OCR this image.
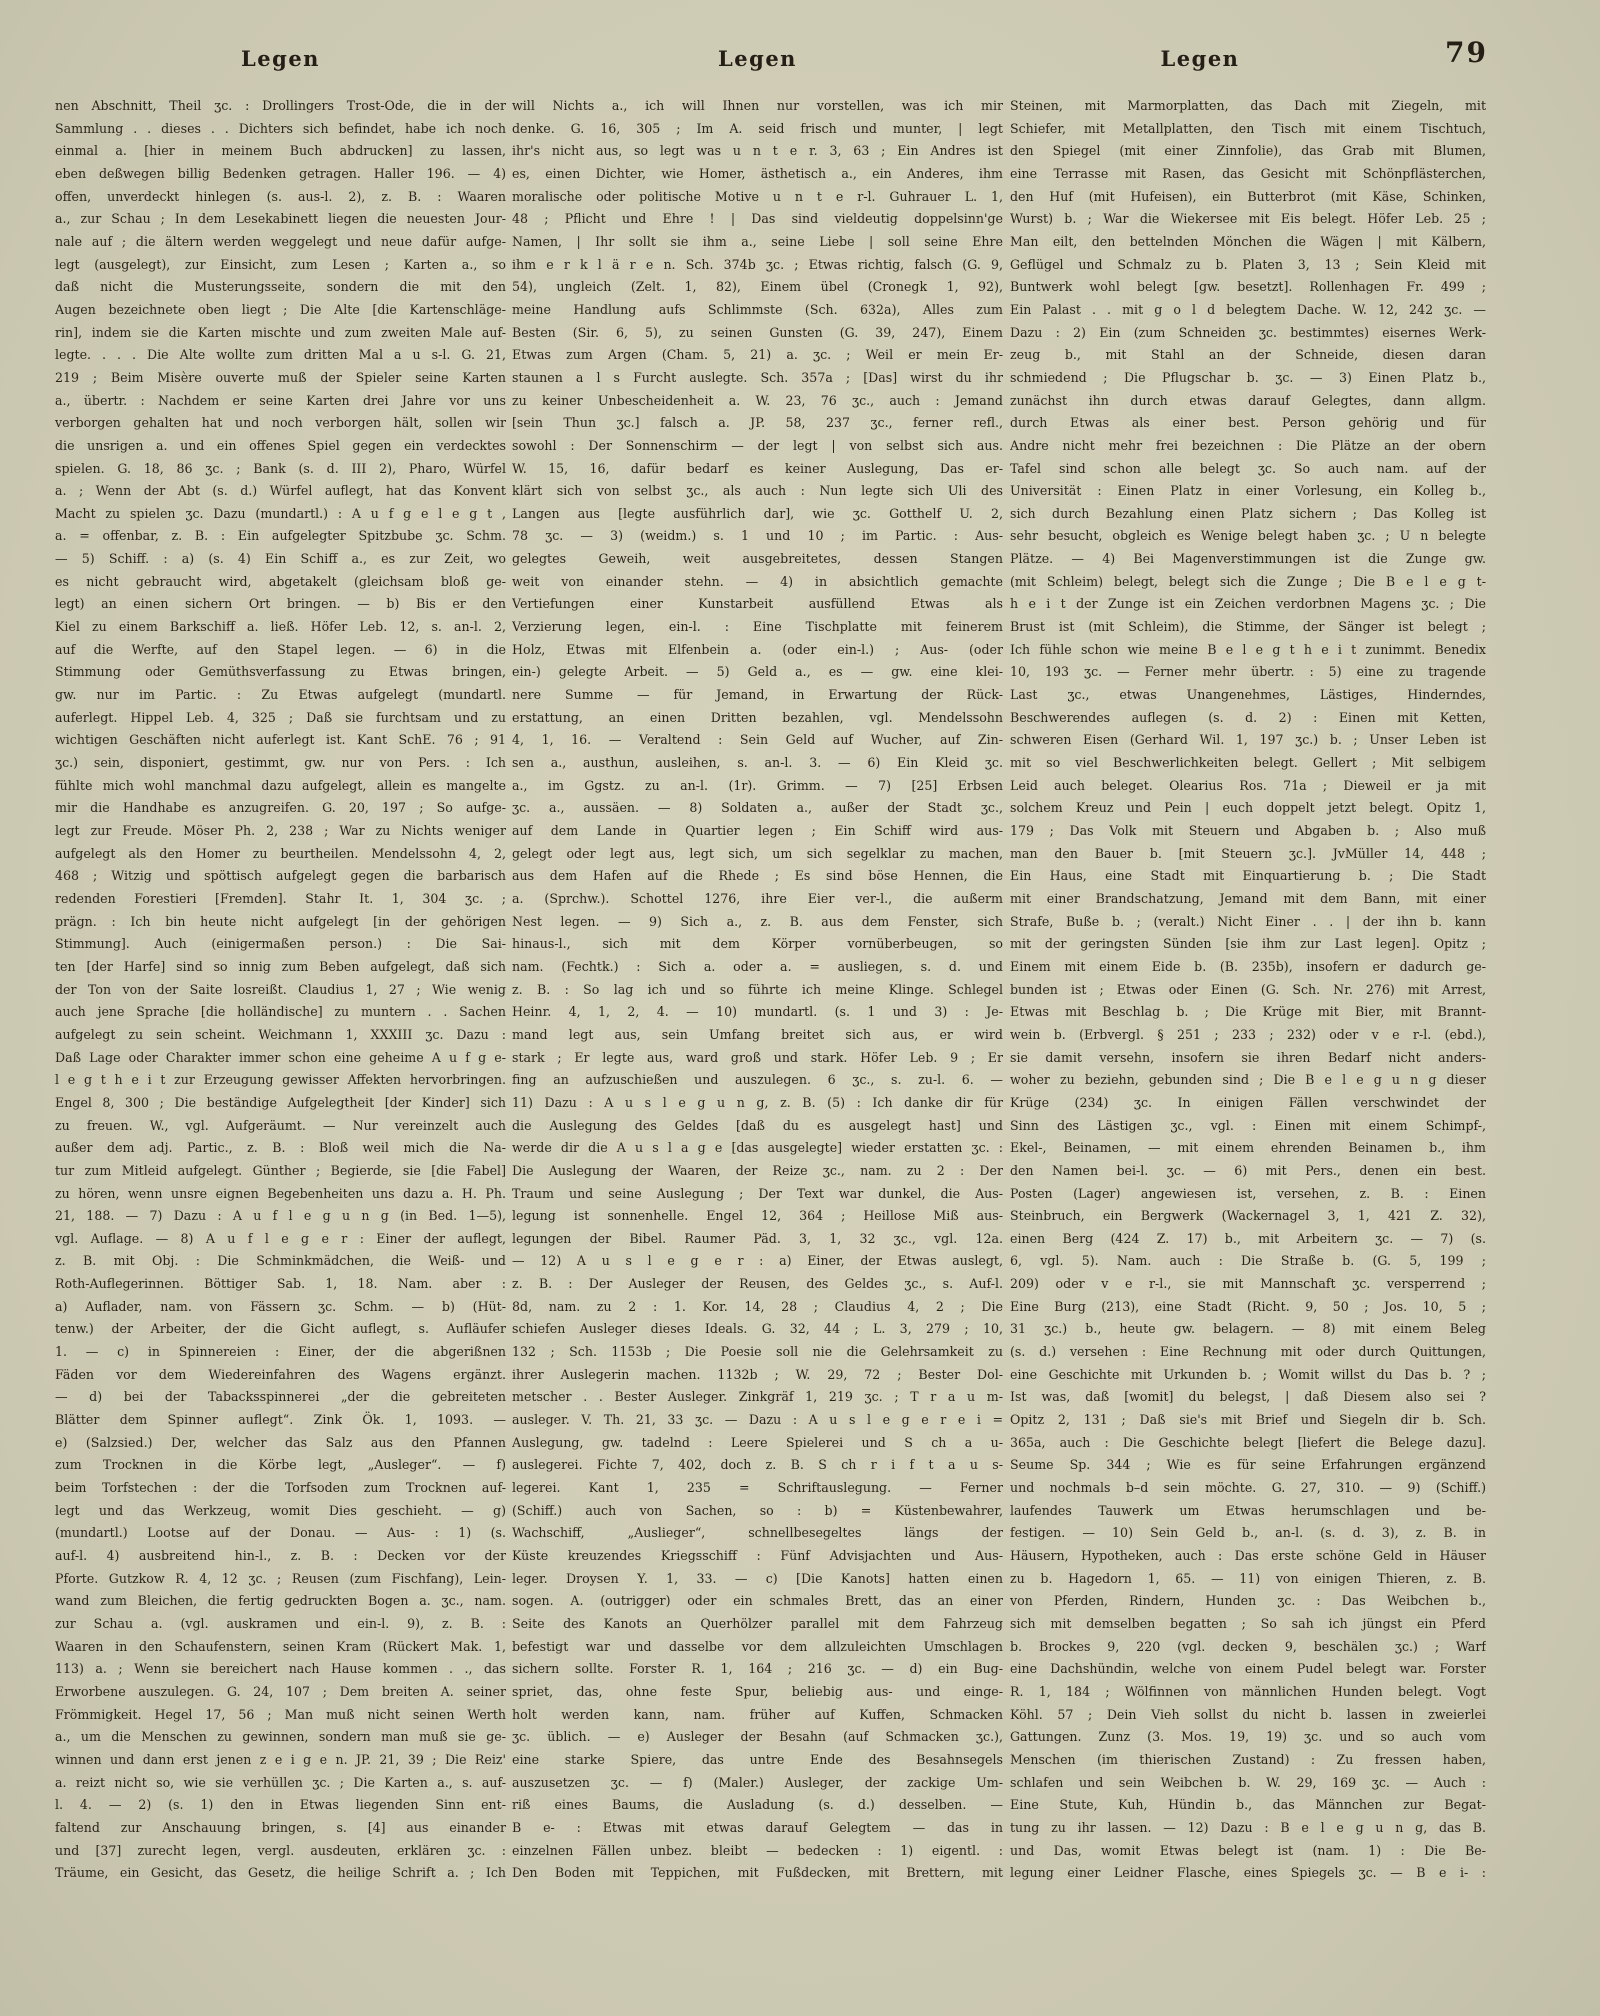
Legen	Legen	Legen	79
nen Abschnitt, Theil ʒc. : Drollingers Trost-Ode, die in der
Sammlung . . dieses . . Dichters sich befindet, habe ich noch
einmal a. [hier in meinem Buch abdrucken] zu lassen,
eben deßwegen billig Bedenken getragen. Haller 196. — 4)
offen, unverdeckt hinlegen (s. aus-l. 2), z. B. : Waaren
a., zur Schau ; In dem Lesekabinett liegen die neuesten Jour-
nale auf ; die ältern werden weggelegt und neue dafür aufge-
legt (ausgelegt), zur Einsicht, zum Lesen ; Karten a., so
daß nicht die Musterungsseite, sondern die mit den
Augen bezeichnete oben liegt ; Die Alte [die Kartenschläge-
rin], indem sie die Karten mischte und zum zweiten Male auf-
legte. . . . Die Alte wollte zum dritten Mal a u s-l. G. 21,
219 ; Beim Misère ouverte muß der Spieler seine Karten
a., übertr. : Nachdem er seine Karten drei Jahre vor uns
verborgen gehalten hat und noch verborgen hält, sollen wir
die unsrigen a. und ein offenes Spiel gegen ein verdecktes
spielen. G. 18, 86 ʒc. ; Bank (s. d. III 2), Pharo, Würfel
a. ; Wenn der Abt (s. d.) Würfel auflegt, hat das Konvent
Macht zu spielen ʒc. Dazu (mundartl.) : A u f g e l e g t ,
a. = offenbar, z. B. : Ein aufgelegter Spitzbube ʒc. Schm.
— 5) Schiff. : a) (s. 4) Ein Schiff a., es zur Zeit, wo
es nicht gebraucht wird, abgetakelt (gleichsam bloß ge-
legt) an einen sichern Ort bringen. — b) Bis er den
Kiel zu einem Barkschiff a. ließ. Höfer Leb. 12, s. an-l. 2,
auf die Werfte, auf den Stapel legen. — 6) in die
Stimmung oder Gemüthsverfassung zu Etwas bringen,
gw. nur im Partic. : Zu Etwas aufgelegt (mundartl.
auferlegt. Hippel Leb. 4, 325 ; Daß sie furchtsam und zu
wichtigen Geschäften nicht auferlegt ist. Kant SchE. 76 ; 91
ʒc.) sein, disponiert, gestimmt, gw. nur von Pers. : Ich
fühlte mich wohl manchmal dazu aufgelegt, allein es mangelte
mir die Handhabe es anzugreifen. G. 20, 197 ; So aufge-
legt zur Freude. Möser Ph. 2, 238 ; War zu Nichts weniger
aufgelegt als den Homer zu beurtheilen. Mendelssohn 4, 2,
468 ; Witzig und spöttisch aufgelegt gegen die barbarisch
redenden Forestieri [Fremden]. Stahr It. 1, 304 ʒc. ;
prägn. : Ich bin heute nicht aufgelegt [in der gehörigen
Stimmung]. Auch (einigermaßen person.) : Die Sai-
ten [der Harfe] sind so innig zum Beben aufgelegt, daß sich
der Ton von der Saite losreißt. Claudius 1, 27 ; Wie wenig
auch jene Sprache [die holländische] zu muntern . . Sachen
aufgelegt zu sein scheint. Weichmann 1, XXXIII ʒc. Dazu :
Daß Lage oder Charakter immer schon eine geheime A u f g e-
l e g t h e i t zur Erzeugung gewisser Affekten hervorbringen.
Engel 8, 300 ; Die beständige Aufgelegtheit [der Kinder] sich
zu freuen. W., vgl. Aufgeräumt. — Nur vereinzelt auch
außer dem adj. Partic., z. B. : Bloß weil mich die Na-
tur zum Mitleid aufgelegt. Günther ; Begierde, sie [die Fabel]
zu hören, wenn unsre eignen Begebenheiten uns dazu a. H. Ph.
21, 188. — 7) Dazu : A u f l e g u n g (in Bed. 1—5),
vgl. Auflage. — 8) A u f l e g e r : Einer der auflegt,
z. B. mit Obj. : Die Schminkmädchen, die Weiß- und
Roth-Auflegerinnen. Böttiger Sab. 1, 18. Nam. aber :
a) Auflader, nam. von Fässern ʒc. Schm. — b) (Hüt-
tenw.) der Arbeiter, der die Gicht auflegt, s. Aufläufer
1. — c) in Spinnereien : Einer, der die abgerißnen
Fäden vor dem Wiedereinfahren des Wagens ergänzt.
— d) bei der Tabacksspinnerei „der die gebreiteten
Blätter dem Spinner auflegt“. Zink Ök. 1, 1093. —
e) (Salzsied.) Der, welcher das Salz aus den Pfannen
zum Trocknen in die Körbe legt, „Ausleger“. — f)
beim Torfstechen : der die Torfsoden zum Trocknen auf-
legt und das Werkzeug, womit Dies geschieht. — g)
(mundartl.) Lootse auf der Donau. — Aus- : 1) (s.
auf-l. 4) ausbreitend hin-l., z. B. : Decken vor der
Pforte. Gutzkow R. 4, 12 ʒc. ; Reusen (zum Fischfang), Lein-
wand zum Bleichen, die fertig gedruckten Bogen a. ʒc., nam.
zur Schau a. (vgl. auskramen und ein-l. 9), z. B. :
Waaren in den Schaufenstern, seinen Kram (Rückert Mak. 1,
113) a. ; Wenn sie bereichert nach Hause kommen . ., das
Erworbene auszulegen. G. 24, 107 ; Dem breiten A. seiner
Frömmigkeit. Hegel 17, 56 ; Man muß nicht seinen Werth
a., um die Menschen zu gewinnen, sondern man muß sie ge-
winnen und dann erst jenen z e i g e n. JP. 21, 39 ; Die Reiz'
a. reizt nicht so, wie sie verhüllen ʒc. ; Die Karten a., s. auf-
l. 4. — 2) (s. 1) den in Etwas liegenden Sinn ent-
faltend zur Anschauung bringen, s. [4] aus einander
und [37] zurecht legen, vergl. ausdeuten, erklären ʒc. :
Träume, ein Gesicht, das Gesetz, die heilige Schrift a. ; Ich
will Nichts a., ich will Ihnen nur vorstellen, was ich mir
denke. G. 16, 305 ; Im A. seid frisch und munter, | legt
ihr's nicht aus, so legt was u n t e r. 3, 63 ; Ein Andres ist
es, einen Dichter, wie Homer, ästhetisch a., ein Anderes, ihm
moralische oder politische Motive u n t e r-l. Guhrauer L. 1,
48 ; Pflicht und Ehre ! | Das sind vieldeutig doppelsinn'ge
Namen, | Ihr sollt sie ihm a., seine Liebe | soll seine Ehre
ihm e r k l ä r e n. Sch. 374b ʒc. ; Etwas richtig, falsch (G. 9,
54), ungleich (Zelt. 1, 82), Einem übel (Cronegk 1, 92),
meine Handlung aufs Schlimmste (Sch. 632a), Alles zum
Besten (Sir. 6, 5), zu seinen Gunsten (G. 39, 247), Einem
Etwas zum Argen (Cham. 5, 21) a. ʒc. ; Weil er mein Er-
staunen a l s Furcht auslegte. Sch. 357a ; [Das] wirst du ihr
zu keiner Unbescheidenheit a. W. 23, 76 ʒc., auch : Jemand
[sein Thun ʒc.] falsch a. JP. 58, 237 ʒc., ferner refl.,
sowohl : Der Sonnenschirm — der legt | von selbst sich aus.
W. 15, 16, dafür bedarf es keiner Auslegung, Das er-
klärt sich von selbst ʒc., als auch : Nun legte sich Uli des
Langen aus [legte ausführlich dar], wie ʒc. Gotthelf U. 2,
78 ʒc. — 3) (weidm.) s. 1 und 10 ; im Partic. : Aus-
gelegtes Geweih, weit ausgebreitetes, dessen Stangen
weit von einander stehn. — 4) in absichtlich gemachte
Vertiefungen einer Kunstarbeit ausfüllend Etwas als
Verzierung legen, ein-l. : Eine Tischplatte mit feinerem
Holz, Etwas mit Elfenbein a. (oder ein-l.) ; Aus- (oder
ein-) gelegte Arbeit. — 5) Geld a., es — gw. eine klei-
nere Summe — für Jemand, in Erwartung der Rück-
erstattung, an einen Dritten bezahlen, vgl. Mendelssohn
4, 1, 16. — Veraltend : Sein Geld auf Wucher, auf Zin-
sen a., austhun, ausleihen, s. an-l. 3. — 6) Ein Kleid ʒc.
a., im Ggstz. zu an-l. (1r). Grimm. — 7) [25] Erbsen
ʒc. a., aussäen. — 8) Soldaten a., außer der Stadt ʒc.,
auf dem Lande in Quartier legen ; Ein Schiff wird aus-
gelegt oder legt aus, legt sich, um sich segelklar zu machen,
aus dem Hafen auf die Rhede ; Es sind böse Hennen, die
a. (Sprchw.). Schottel 1276, ihre Eier ver-l., die außerm
Nest legen. — 9) Sich a., z. B. aus dem Fenster, sich
hinaus-l., sich mit dem Körper vornüberbeugen, so
nam. (Fechtk.) : Sich a. oder a. = ausliegen, s. d. und
z. B. : So lag ich und so führte ich meine Klinge. Schlegel
Heinr. 4, 1, 2, 4. — 10) mundartl. (s. 1 und 3) : Je-
mand legt aus, sein Umfang breitet sich aus, er wird
stark ; Er legte aus, ward groß und stark. Höfer Leb. 9 ; Er
fing an aufzuschießen und auszulegen. 6 ʒc., s. zu-l. 6. —
11) Dazu : A u s l e g u n g, z. B. (5) : Ich danke dir für
die Auslegung des Geldes [daß du es ausgelegt hast] und
werde dir die A u s l a g e [das ausgelegte] wieder erstatten ʒc. :
Die Auslegung der Waaren, der Reize ʒc., nam. zu 2 : Der
Traum und seine Auslegung ; Der Text war dunkel, die Aus-
legung ist sonnenhelle. Engel 12, 364 ; Heillose Miß aus-
legungen der Bibel. Raumer Päd. 3, 1, 32 ʒc., vgl. 12a.
— 12) A u s l e g e r : a) Einer, der Etwas auslegt,
z. B. : Der Ausleger der Reusen, des Geldes ʒc., s. Auf-l.
8d, nam. zu 2 : 1. Kor. 14, 28 ; Claudius 4, 2 ; Die
schiefen Ausleger dieses Ideals. G. 32, 44 ; L. 3, 279 ; 10,
132 ; Sch. 1153b ; Die Poesie soll nie die Gelehrsamkeit zu
ihrer Auslegerin machen. 1132b ; W. 29, 72 ; Bester Dol-
metscher . . Bester Ausleger. Zinkgräf 1, 219 ʒc. ; T r a u m-
ausleger. V. Th. 21, 33 ʒc. — Dazu : A u s l e g e r e i =
Auslegung, gw. tadelnd : Leere Spielerei und S ch a u-
auslegerei. Fichte 7, 402, doch z. B. S ch r i f t a u s-
legerei. Kant 1, 235 = Schriftauslegung. — Ferner
(Schiff.) auch von Sachen, so : b) = Küstenbewahrer,
Wachschiff, „Auslieger“, schnellbesegeltes längs der
Küste kreuzendes Kriegsschiff : Fünf Advisjachten und Aus-
leger. Droysen Y. 1, 33. — c) [Die Kanots] hatten einen
sogen. A. (outrigger) oder ein schmales Brett, das an einer
Seite des Kanots an Querhölzer parallel mit dem Fahrzeug
befestigt war und dasselbe vor dem allzuleichten Umschlagen
sichern sollte. Forster R. 1, 164 ; 216 ʒc. — d) ein Bug-
spriet, das, ohne feste Spur, beliebig aus- und einge-
holt werden kann, nam. früher auf Kuffen, Schmacken
ʒc. üblich. — e) Ausleger der Besahn (auf Schmacken ʒc.),
eine starke Spiere, das untre Ende des Besahnsegels
auszusetzen ʒc. — f) (Maler.) Ausleger, der zackige Um-
riß eines Baums, die Ausladung (s. d.) desselben. —
B e- : Etwas mit etwas darauf Gelegtem — das in
einzelnen Fällen unbez. bleibt — bedecken : 1) eigentl. :
Den Boden mit Teppichen, mit Fußdecken, mit Brettern, mit
Steinen, mit Marmorplatten, das Dach mit Ziegeln, mit
Schiefer, mit Metallplatten, den Tisch mit einem Tischtuch,
den Spiegel (mit einer Zinnfolie), das Grab mit Blumen,
eine Terrasse mit Rasen, das Gesicht mit Schönpflästerchen,
den Huf (mit Hufeisen), ein Butterbrot (mit Käse, Schinken,
Wurst) b. ; War die Wiekersee mit Eis belegt. Höfer Leb. 25 ;
Man eilt, den bettelnden Mönchen die Wägen | mit Kälbern,
Geflügel und Schmalz zu b. Platen 3, 13 ; Sein Kleid mit
Buntwerk wohl belegt [gw. besetzt]. Rollenhagen Fr. 499 ;
Ein Palast . . mit g o l d belegtem Dache. W. 12, 242 ʒc. —
Dazu : 2) Ein (zum Schneiden ʒc. bestimmtes) eisernes Werk-
zeug b., mit Stahl an der Schneide, diesen daran
schmiedend ; Die Pflugschar b. ʒc. — 3) Einen Platz b.,
zunächst ihn durch etwas darauf Gelegtes, dann allgm.
durch Etwas als einer best. Person gehörig und für
Andre nicht mehr frei bezeichnen : Die Plätze an der obern
Tafel sind schon alle belegt ʒc. So auch nam. auf der
Universität : Einen Platz in einer Vorlesung, ein Kolleg b.,
sich durch Bezahlung einen Platz sichern ; Das Kolleg ist
sehr besucht, obgleich es Wenige belegt haben ʒc. ; U n belegte
Plätze. — 4) Bei Magenverstimmungen ist die Zunge gw.
(mit Schleim) belegt, belegt sich die Zunge ; Die B e l e g t-
h e i t der Zunge ist ein Zeichen verdorbnen Magens ʒc. ; Die
Brust ist (mit Schleim), die Stimme, der Sänger ist belegt ;
Ich fühle schon wie meine B e l e g t h e i t zunimmt. Benedix
10, 193 ʒc. — Ferner mehr übertr. : 5) eine zu tragende
Last ʒc., etwas Unangenehmes, Lästiges, Hinderndes,
Beschwerendes auflegen (s. d. 2) : Einen mit Ketten,
schweren Eisen (Gerhard Wil. 1, 197 ʒc.) b. ; Unser Leben ist
mit so viel Beschwerlichkeiten belegt. Gellert ; Mit selbigem
Leid auch beleget. Olearius Ros. 71a ; Dieweil er ja mit
solchem Kreuz und Pein | euch doppelt jetzt belegt. Opitz 1,
179 ; Das Volk mit Steuern und Abgaben b. ; Also muß
man den Bauer b. [mit Steuern ʒc.]. JvMüller 14, 448 ;
Ein Haus, eine Stadt mit Einquartierung b. ; Die Stadt
mit einer Brandschatzung, Jemand mit dem Bann, mit einer
Strafe, Buße b. ; (veralt.) Nicht Einer . . | der ihn b. kann
mit der geringsten Sünden [sie ihm zur Last legen]. Opitz ;
Einem mit einem Eide b. (B. 235b), insofern er dadurch ge-
bunden ist ; Etwas oder Einen (G. Sch. Nr. 276) mit Arrest,
Etwas mit Beschlag b. ; Die Krüge mit Bier, mit Brannt-
wein b. (Erbvergl. § 251 ; 233 ; 232) oder v e r-l. (ebd.),
sie damit versehn, insofern sie ihren Bedarf nicht anders-
woher zu beziehn, gebunden sind ; Die B e l e g u n g dieser
Krüge (234) ʒc. In einigen Fällen verschwindet der
Sinn des Lästigen ʒc., vgl. : Einen mit einem Schimpf-,
Ekel-, Beinamen, — mit einem ehrenden Beinamen b., ihm
den Namen bei-l. ʒc. — 6) mit Pers., denen ein best.
Posten (Lager) angewiesen ist, versehen, z. B. : Einen
Steinbruch, ein Bergwerk (Wackernagel 3, 1, 421 Z. 32),
einen Berg (424 Z. 17) b., mit Arbeitern ʒc. — 7) (s.
6, vgl. 5). Nam. auch : Die Straße b. (G. 5, 199 ;
209) oder v e r-l., sie mit Mannschaft ʒc. versperrend ;
Eine Burg (213), eine Stadt (Richt. 9, 50 ; Jos. 10, 5 ;
31 ʒc.) b., heute gw. belagern. — 8) mit einem Beleg
(s. d.) versehen : Eine Rechnung mit oder durch Quittungen,
eine Geschichte mit Urkunden b. ; Womit willst du Das b. ? ;
Ist was, daß [womit] du belegst, | daß Diesem also sei ?
Opitz 2, 131 ; Daß sie's mit Brief und Siegeln dir b. Sch.
365a, auch : Die Geschichte belegt [liefert die Belege dazu].
Seume Sp. 344 ; Wie es für seine Erfahrungen ergänzend
und nochmals b–d sein möchte. G. 27, 310. — 9) (Schiff.)
laufendes Tauwerk um Etwas herumschlagen und be-
festigen. — 10) Sein Geld b., an-l. (s. d. 3), z. B. in
Häusern, Hypotheken, auch : Das erste schöne Geld in Häuser
zu b. Hagedorn 1, 65. — 11) von einigen Thieren, z. B.
von Pferden, Rindern, Hunden ʒc. : Das Weibchen b.,
sich mit demselben begatten ; So sah ich jüngst ein Pferd
b. Brockes 9, 220 (vgl. decken 9, beschälen ʒc.) ; Warf
eine Dachshündin, welche von einem Pudel belegt war. Forster
R. 1, 184 ; Wölfinnen von männlichen Hunden belegt. Vogt
Köhl. 57 ; Dein Vieh sollst du nicht b. lassen in zweierlei
Gattungen. Zunz (3. Mos. 19, 19) ʒc. und so auch vom
Menschen (im thierischen Zustand) : Zu fressen haben,
schlafen und sein Weibchen b. W. 29, 169 ʒc. — Auch :
Eine Stute, Kuh, Hündin b., das Männchen zur Begat-
tung zu ihr lassen. — 12) Dazu : B e l e g u n g, das B.
und Das, womit Etwas belegt ist (nam. 1) : Die Be-
legung einer Leidner Flasche, eines Spiegels ʒc. — B e i- :
